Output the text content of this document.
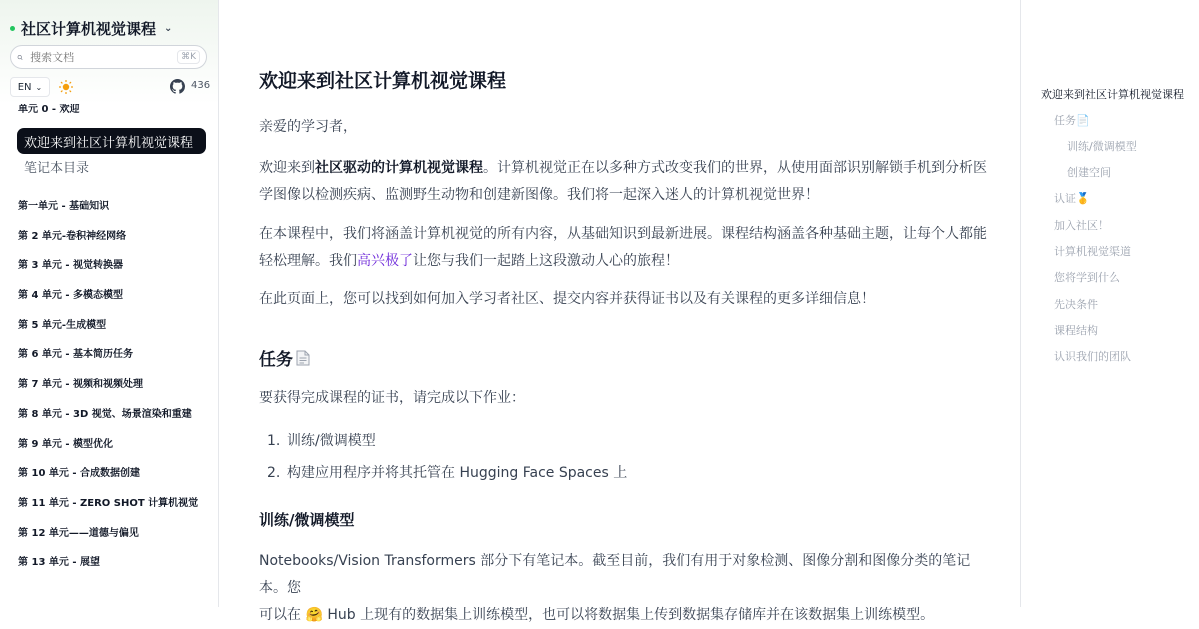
社区计算机视觉课程 ⌄
搜索文档
⌘K
EN ⌄	436
单元 0 - 欢迎
欢迎来到社区计算机视觉课程
笔记本目录
第一单元 - 基础知识
第 2 单元-卷积神经网络
第 3 单元 - 视觉转换器
第 4 单元 - 多模态模型
第 5 单元-生成模型
第 6 单元 - 基本简历任务
第 7 单元 - 视频和视频处理
第 8 单元 - 3D 视觉、场景渲染和重建
第 9 单元 - 模型优化
第 10 单元 - 合成数据创建
第 11 单元 - ZERO SHOT 计算机视觉
第 12 单元——道德与偏见
第 13 单元 - 展望
欢迎来到社区计算机视觉课程

亲爱的学习者，

欢迎来到社区驱动的计算机视觉课程。计算机视觉正在以多种方式改变我们的世界，从使用面部识别解锁手机到分析医
学图像以检测疾病、监测野生动物和创建新图像。我们将一起深入迷人的计算机视觉世界！

在本课程中，我们将涵盖计算机视觉的所有内容，从基础知识到最新进展。课程结构涵盖各种基础主题，让每个人都能
轻松理解。我们高兴极了让您与我们一起踏上这段激动人心的旅程！

在此页面上，您可以找到如何加入学习者社区、提交内容并获得证书以及有关课程的更多详细信息！

任务

要获得完成课程的证书，请完成以下作业：

1. 训练/微调模型
2. 构建应用程序并将其托管在 Hugging Face Spaces 上
训练/微调模型

Notebooks/Vision Transformers 部分下有笔记本。截至目前，我们有用于对象检测、图像分割和图像分类的笔记本。您
可以在 🤗 Hub 上现有的数据集上训练模型，也可以将数据集上传到数据集存储库并在该数据集上训练模型。

欢迎来到社区计算机视觉课程
任务📄
训练/微调模型
创建空间
认证🥇
加入社区！
计算机视觉渠道
您将学到什么
先决条件
课程结构
认识我们的团队
